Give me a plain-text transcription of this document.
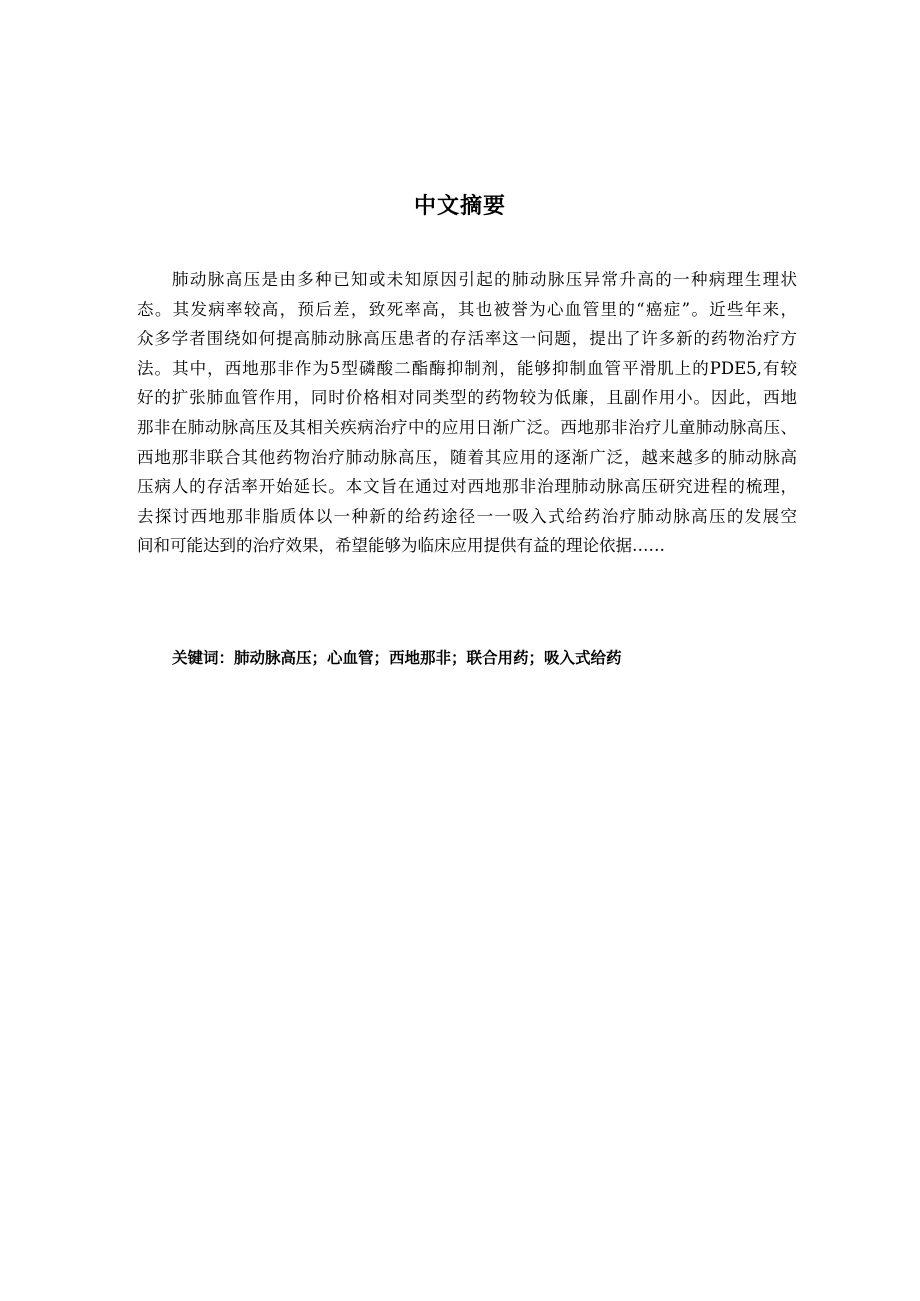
中文摘要
肺动脉高压是由多种已知或未知原因引起的肺动脉压异常升高的一种病理生理状
态。其发病率较高，预后差，致死率高，其也被誉为心血管里的“癌症”。近些年来，
众多学者围绕如何提高肺动脉高压患者的存活率这一问题，提出了许多新的药物治疗方
法。其中，西地那非作为5型磷酸二酯酶抑制剂，能够抑制血管平滑肌上的PDE5,有较
好的扩张肺血管作用，同时价格相对同类型的药物较为低廉，且副作用小。因此，西地
那非在肺动脉高压及其相关疾病治疗中的应用日渐广泛。西地那非治疗儿童肺动脉高压、
西地那非联合其他药物治疗肺动脉高压，随着其应用的逐渐广泛，越来越多的肺动脉高
压病人的存活率开始延长。本文旨在通过对西地那非治理肺动脉高压研究进程的梳理，
去探讨西地那非脂质体以一种新的给药途径一一吸入式给药治疗肺动脉高压的发展空
间和可能达到的治疗效果，希望能够为临床应用提供有益的理论依据……
关键词：肺动脉高压；心血管；西地那非；联合用药；吸入式给药
